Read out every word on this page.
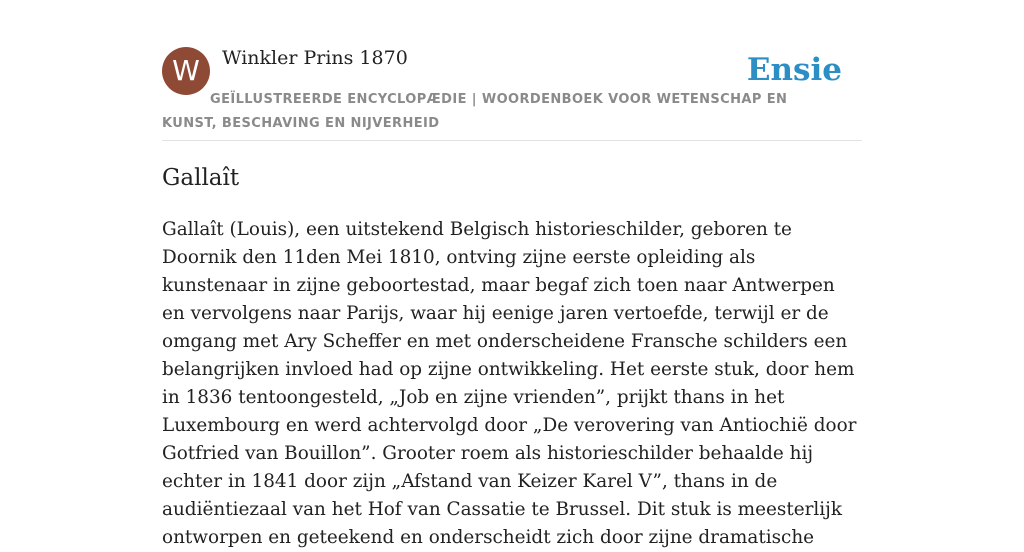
W	Winkler Prins 1870	Ensie
GEÏLLUSTREERDE ENCYCLOPÆDIE | WOORDENBOEK VOOR WETENSCHAP EN KUNST, BESCHAVING EN NIJVERHEID
Gallaît

Gallaît (Louis), een uitstekend Belgisch historieschilder, geboren te Doornik den 11den Mei 1810, ontving zijne eerste opleiding als kunstenaar in zijne geboortestad, maar begaf zich toen naar Antwerpen en vervolgens naar Parijs, waar hij eenige jaren vertoefde, terwijl er de omgang met Ary Scheffer en met onderscheidene Fransche schilders een belangrijken invloed had op zijne ontwikkeling. Het eerste stuk, door hem in 1836 tentoongesteld, „Job en zijne vrienden”, prijkt thans in het Luxembourg en werd achtervolgd door „De verovering van Antiochië door Gotfried van Bouillon”. Grooter roem als historieschilder behaalde hij echter in 1841 door zijn „Afstand van Keizer Karel V”, thans in de audiëntiezaal van het Hof van Cassatie te Brussel. Dit stuk is meesterlijk ontworpen en geteekend en onderscheidt zich door zijne dramatische
